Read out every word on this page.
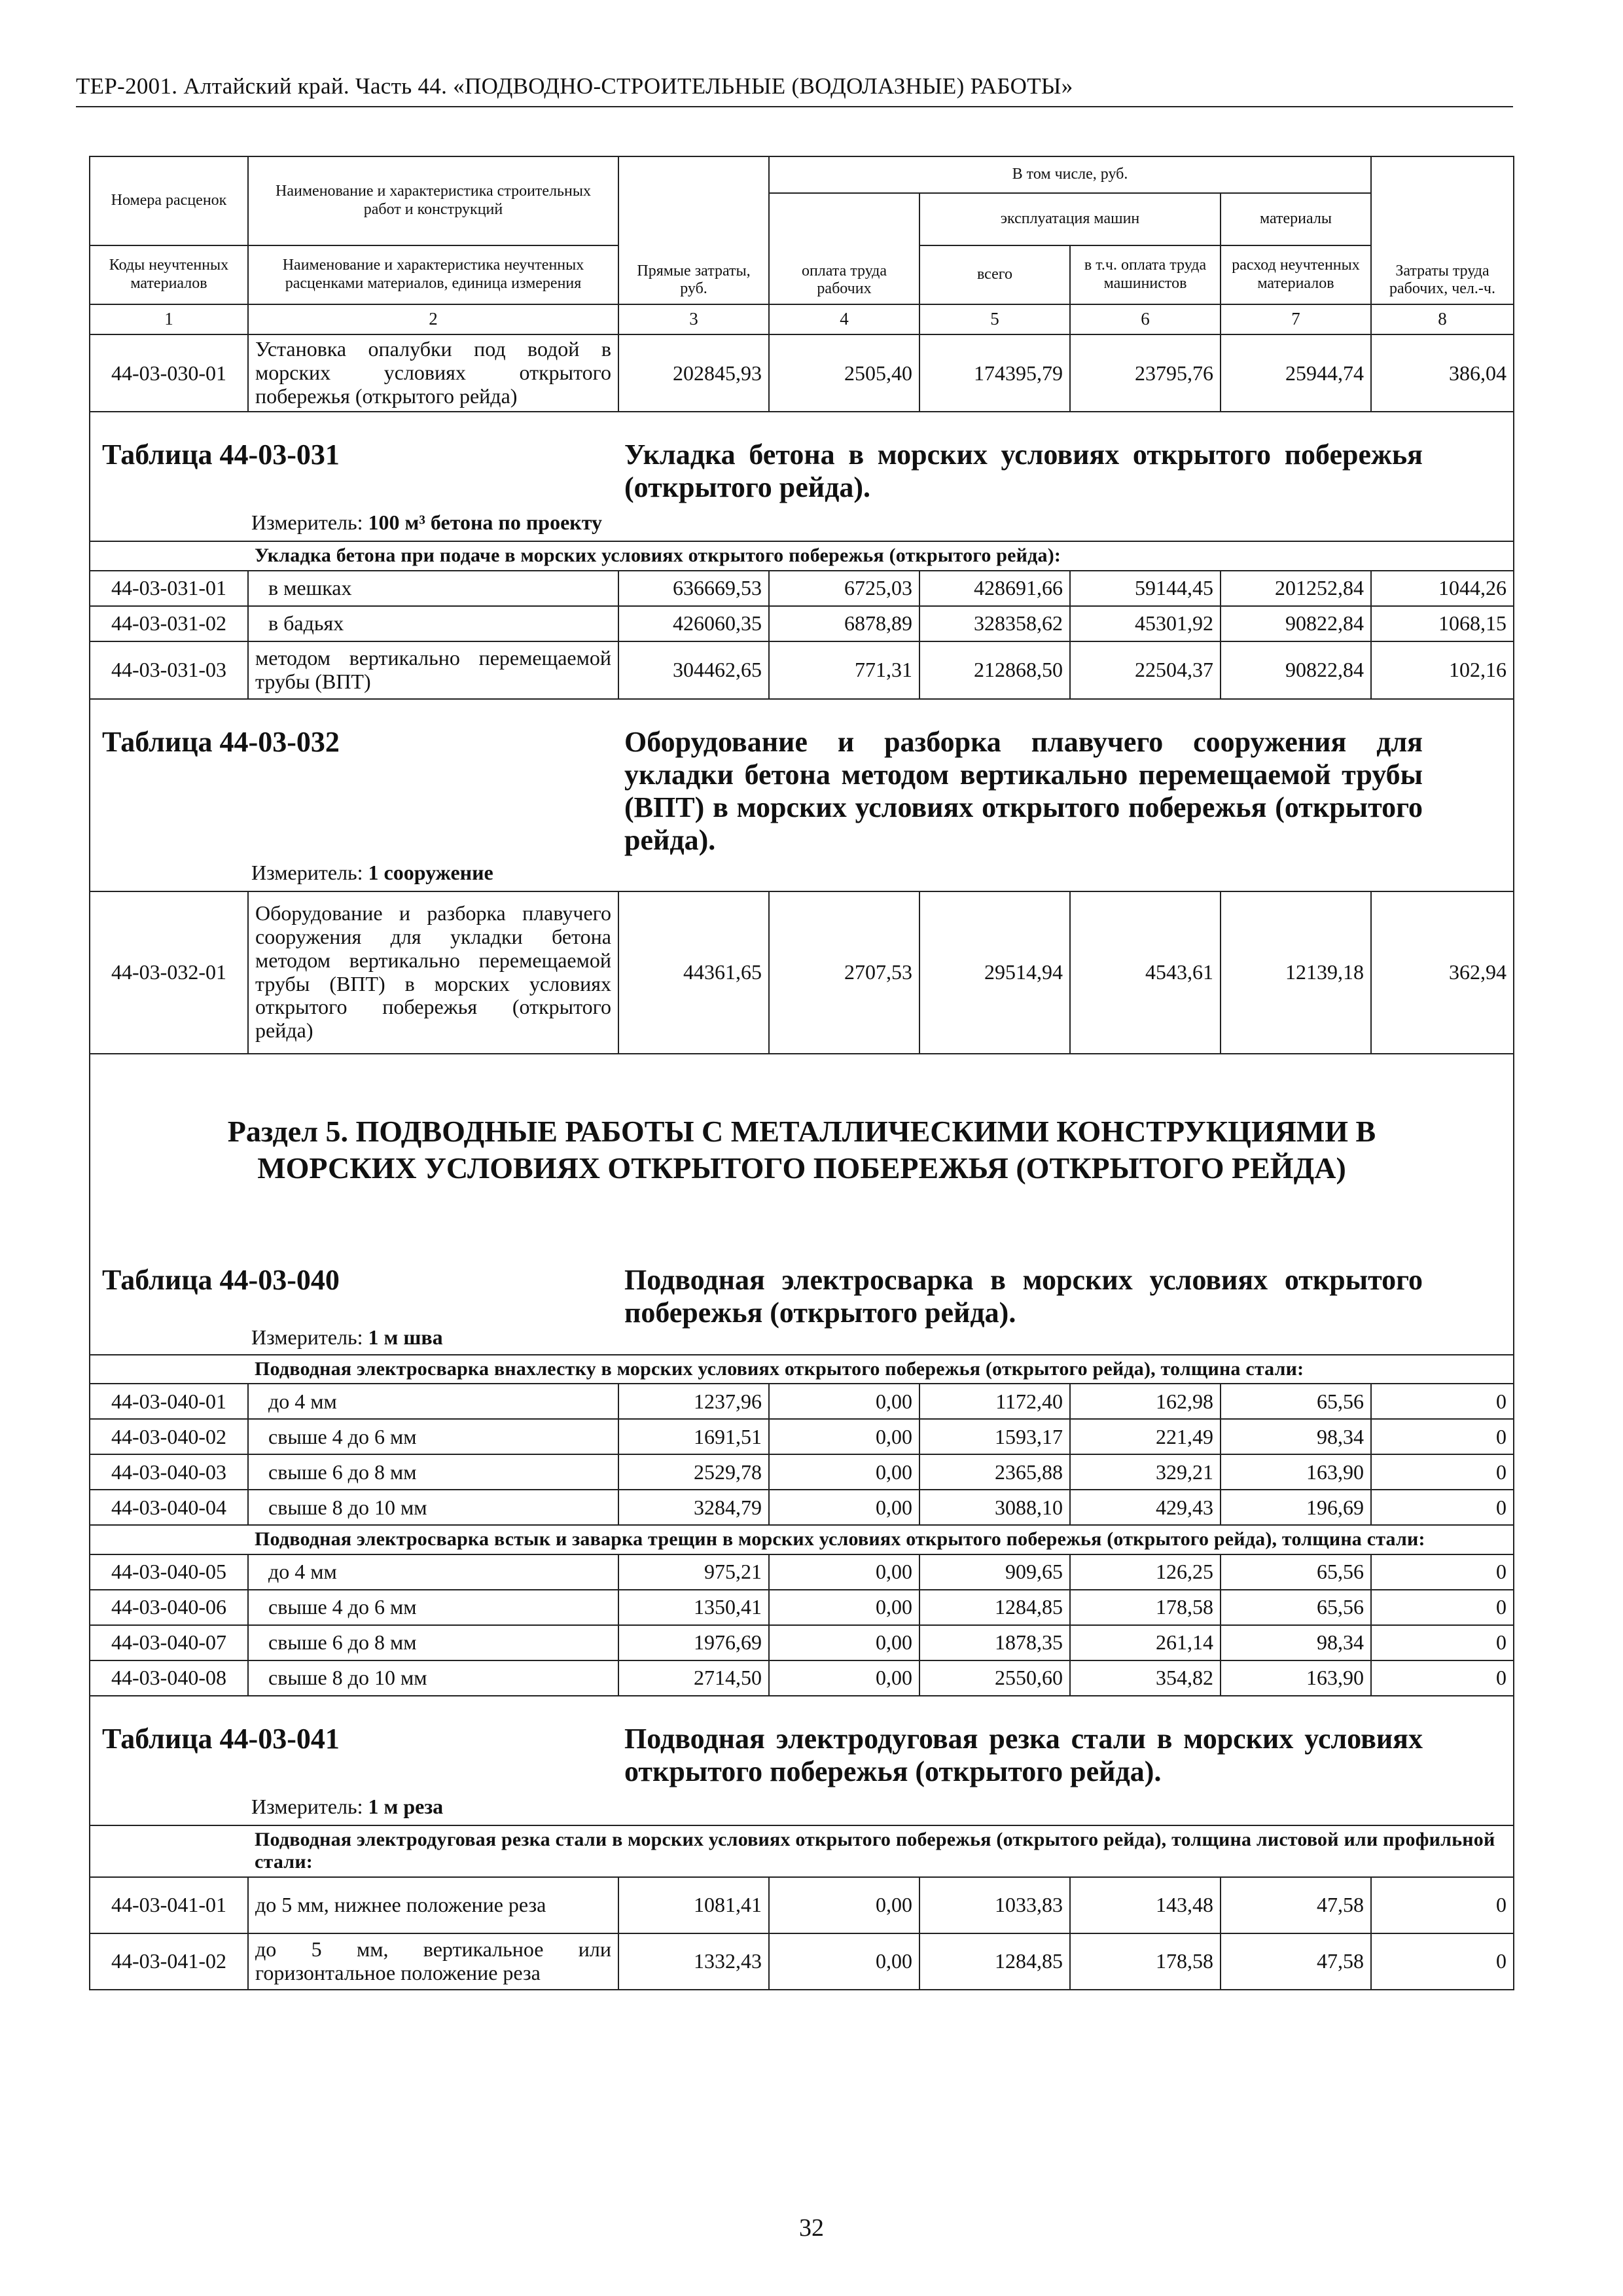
ТЕР-2001. Алтайский край. Часть 44. «ПОДВОДНО-СТРОИТЕЛЬНЫЕ (ВОДОЛАЗНЫЕ) РАБОТЫ»
Номера расценок	Наименование и характеристика строительных работ и конструкций	Прямые затраты, руб.	В том числе, руб.				Затраты труда рабочих, чел.-ч.
			оплата труда рабочих	эксплуатация машин		материалы	
Коды неучтенных материалов	Наименование и характеристика неучтенных расценками материалов, единица измерения			всего	в т.ч. оплата труда машинистов	расход неучтенных материалов	

1	2	3	4	5	6	7	8
44-03-030-01	Установка опалубки под водой в морских условиях открытого побережья (открытого рейда)	202845,93	2505,40	174395,79	23795,76	25944,74	386,04

Таблица 44-03-031 Укладка бетона в морских условиях открытого побережья (открытого рейда).
Измеритель: 100 м³ бетона по проекту							

	Укладка бетона при подаче в морских условиях открытого побережья (открытого рейда):						
44-03-031-01	в мешках	636669,53	6725,03	428691,66	59144,45	201252,84	1044,26
44-03-031-02	в бадьях	426060,35	6878,89	328358,62	45301,92	90822,84	1068,15
44-03-031-03	методом вертикально перемещаемой трубы (ВПТ)	304462,65	771,31	212868,50	22504,37	90822,84	102,16

Таблица 44-03-032 Оборудование и разборка плавучего сооружения для укладки бетона методом вертикально перемещаемой трубы (ВПТ) в морских условиях открытого побережья (открытого рейда).
Измеритель: 1 сооружение							

44-03-032-01	Оборудование и разборка плавучего сооружения для укладки бетона методом вертикально перемещаемой трубы (ВПТ) в морских условиях открытого побережья (открытого рейда)	44361,65	2707,53	29514,94	4543,61	12139,18	362,94

Раздел 5. ПОДВОДНЫЕ РАБОТЫ С МЕТАЛЛИЧЕСКИМИ КОНСТРУКЦИЯМИ В
МОРСКИХ УСЛОВИЯХ ОТКРЫТОГО ПОБЕРЕЖЬЯ (ОТКРЫТОГО РЕЙДА)							

Таблица 44-03-040 Подводная электросварка в морских условиях открытого побережья (открытого рейда).
Измеритель: 1 м шва							

	Подводная электросварка внахлестку в морских условиях открытого побережья (открытого рейда), толщина стали:						
44-03-040-01	до 4 мм	1237,96	0,00	1172,40	162,98	65,56	0
44-03-040-02	свыше 4 до 6 мм	1691,51	0,00	1593,17	221,49	98,34	0
44-03-040-03	свыше 6 до 8 мм	2529,78	0,00	2365,88	329,21	163,90	0
44-03-040-04	свыше 8 до 10 мм	3284,79	0,00	3088,10	429,43	196,69	0
	Подводная электросварка встык и заварка трещин в морских условиях открытого побережья (открытого рейда), толщина стали:						
44-03-040-05	до 4 мм	975,21	0,00	909,65	126,25	65,56	0
44-03-040-06	свыше 4 до 6 мм	1350,41	0,00	1284,85	178,58	65,56	0
44-03-040-07	свыше 6 до 8 мм	1976,69	0,00	1878,35	261,14	98,34	0
44-03-040-08	свыше 8 до 10 мм	2714,50	0,00	2550,60	354,82	163,90	0

Таблица 44-03-041 Подводная электродуговая резка стали в морских условиях открытого побережья (открытого рейда).
Измеритель: 1 м реза							

	Подводная электродуговая резка стали в морских условиях открытого побережья (открытого рейда), толщина листовой или профильной стали:						
44-03-041-01	до 5 мм, нижнее положение реза	1081,41	0,00	1033,83	143,48	47,58	0
44-03-041-02	до 5 мм, вертикальное или горизонтальное положение реза	1332,43	0,00	1284,85	178,58	47,58	0
32
